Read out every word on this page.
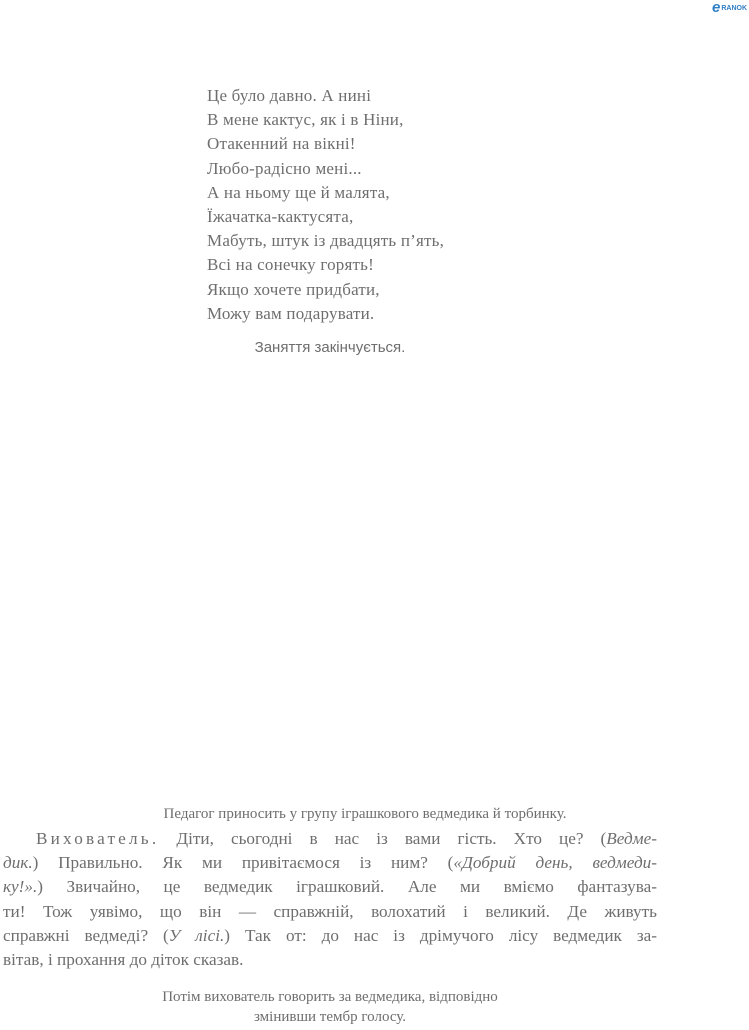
e RANOK
Це було давно. А нині
В мене кактус, як і в Ніни,
Отакенний на вікні!
Любо-радісно мені...
А на ньому ще й малята,
Їжачатка-кактусята,
Мабуть, штук із двадцять п’ять,
Всі на сонечку горять!
Якщо хочете придбати,
Можу вам подарувати.
Заняття закінчується.
Педагог приносить у групу іграшкового ведмедика й торбинку.
Вихователь. Діти, сьогодні в нас із вами гість. Хто це? (Ведме-
дик.) Правильно. Як ми привітаємося із ним? («Добрий день, ведмеди-
ку!».) Звичайно, це ведмедик іграшковий. Але ми вміємо фантазува-
ти! Тож уявімо, що він — справжній, волохатий і великий. Де живуть
справжні ведмеді? (У лісі.) Так от: до нас із дрімучого лісу ведмедик за-
вітав, і прохання до діток сказав.
Потім вихователь говорить за ведмедика, відповідно
змінивши тембр голосу.
